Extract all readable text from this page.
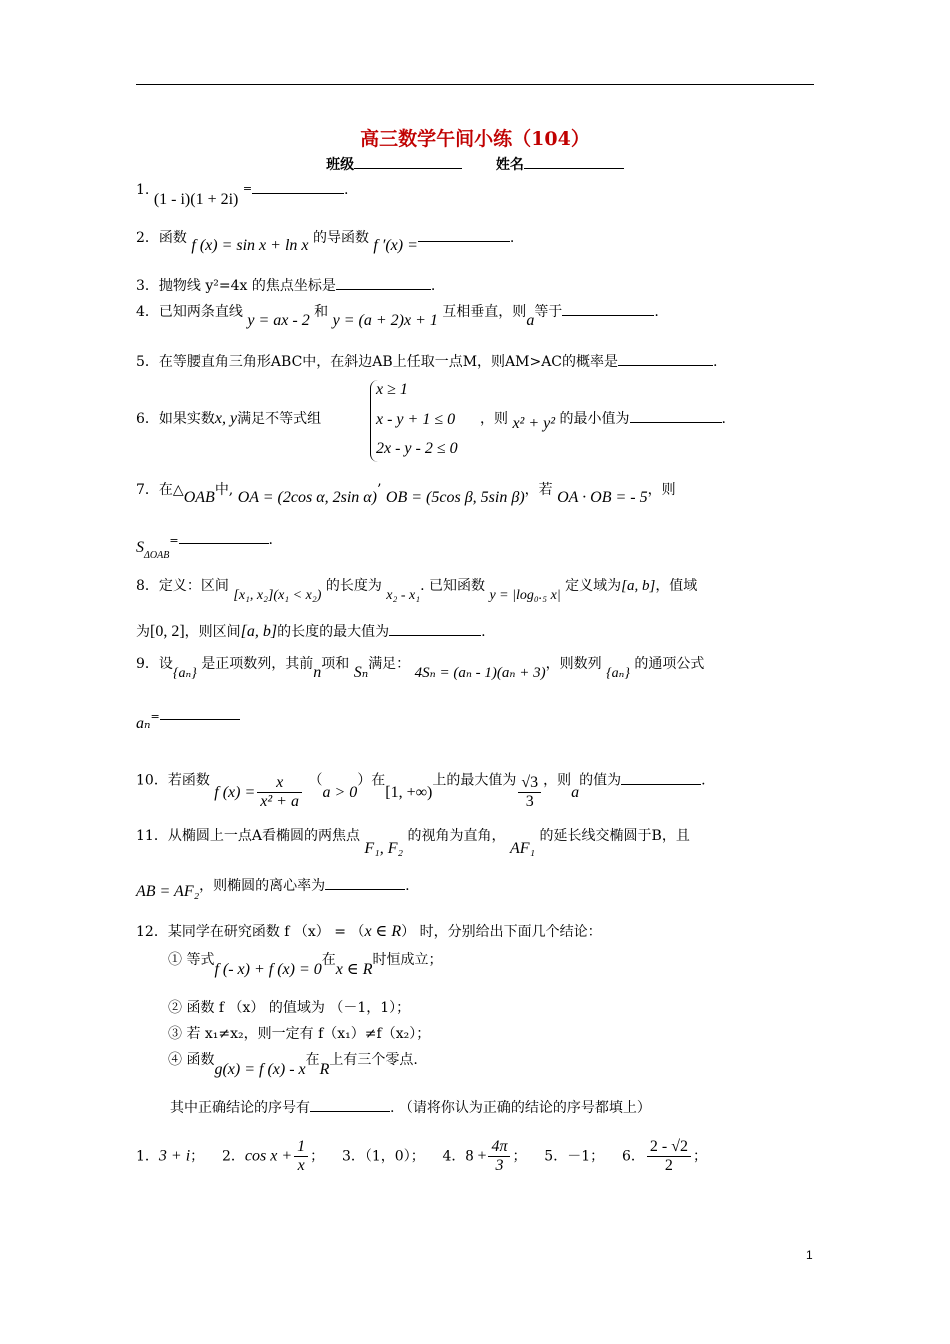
高三数学午间小练（104）
班级	姓名
1. (1 - i)(1 + 2i) =	.
2．函数 f (x) = sin x + ln x 的导函数 f ′(x) =	.
3．抛物线 y²=4x 的焦点坐标是	.
4．已知两条直线 y = ax - 2 和 y = (a + 2)x + 1 互相垂直，则a等于	.
5．在等腰直角三角形ABC中，在斜边AB上任取一点M，则AM>AC的概率是	.
x ≥ 1
x - y + 1 ≤ 0
2x - y - 2 ≤ 0
6．如果实数x, y满足不等式组	，则 x² + y² 的最小值为	.
7．在△OAB中, OA = (2cos α, 2sin α)’ OB = (5cos β, 5sin β)，若 OA · OB = - 5，则
$S_{\Delta OAB}=$	.
8．定义：区间 [x₁, x₂](x₁ < x₂) 的长度为 x₂ - x₁. 已知函数 y = |log₀.₅ x| 定义域为[a, b]，值域
为[0, 2]，则区间[a, b]的长度的最大值为	.
9．设{aₙ} 是正项数列，其前n项和 Sₙ满足： 4Sₙ = (aₙ - 1)(aₙ + 3)，则数列 {aₙ} 的通项公式
aₙ=
10．若函数 f $(x) = \frac{x}{\text{x² + a}} (a > 0)$在[1, +∞)上的最大值为 $\frac{√3}{3}$ ，则a的值为	.
11．从椭圆上一点A看椭圆的两焦点 F₁, F₂ 的视角为直角， AF₁ 的延长线交椭圆于B，且
AB = AF₂，则椭圆的离心率为	.
12．某同学在研究函数 f （x） = （x ∈ R） 时，分别给出下面几个结论：
① 等式f (- x) + f (x) = 0在x ∈ R时恒成立；
② 函数 f （x） 的值域为 （－1，1）；
③ 若 x₁≠x₂，则一定有 f（x₁）≠f（x₂）；
④ 函数g(x) = f (x) - x在R上有三个零点.
其中正确结论的序号有	. （请将你认为正确的结论的序号都填上）
1．3 + i； 2．$\cos x + \frac{1}{x}$ ； 3．（1，0）； 4．$8 + \frac{4\pi}{3}$ ； 5．－1； 6． $\frac{2 - √2}{2}$ ；
1
